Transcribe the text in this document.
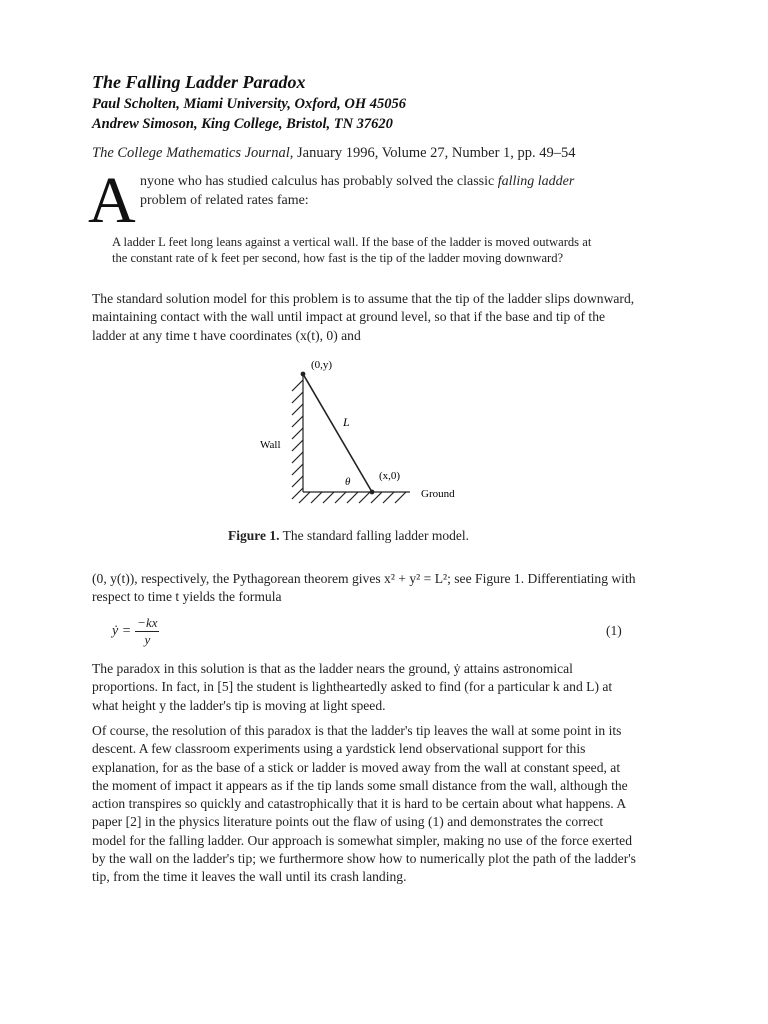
The Falling Ladder Paradox
Paul Scholten, Miami University, Oxford, OH 45056
Andrew Simoson, King College, Bristol, TN 37620
The College Mathematics Journal, January 1996, Volume 27, Number 1, pp. 49–54
A nyone who has studied calculus has probably solved the classic falling ladder
problem of related rates fame:
A ladder L feet long leans against a vertical wall. If the base of the ladder is moved outwards at the constant rate of k feet per second, how fast is the tip of the ladder moving downward?
The standard solution model for this problem is to assume that the tip of the ladder slips downward, maintaining contact with the wall until impact at ground level, so that if the base and tip of the ladder at any time t have coordinates (x(t), 0) and
(0,y)
L
Wall
θ	(x,0)
Ground
Figure 1. The standard falling ladder model.
(0, y(t)), respectively, the Pythagorean theorem gives x² + y² = L²; see Figure 1. Differentiating with respect to time t yields the formula
ẏ = $\frac{-kx}{y}$	(1)
The paradox in this solution is that as the ladder nears the ground, ẏ attains astronomical proportions. In fact, in [5] the student is lightheartedly asked to find (for a particular k and L) at what height y the ladder's tip is moving at light speed.
Of course, the resolution of this paradox is that the ladder's tip leaves the wall at some point in its descent. A few classroom experiments using a yardstick lend observational support for this explanation, for as the base of a stick or ladder is moved away from the wall at constant speed, at the moment of impact it appears as if the tip lands some small distance from the wall, although the action transpires so quickly and catastrophically that it is hard to be certain about what happens. A paper [2] in the physics literature points out the flaw of using (1) and demonstrates the correct model for the falling ladder. Our approach is somewhat simpler, making no use of the force exerted by the wall on the ladder's tip; we furthermore show how to numerically plot the path of the ladder's tip, from the time it leaves the wall until its crash landing.
